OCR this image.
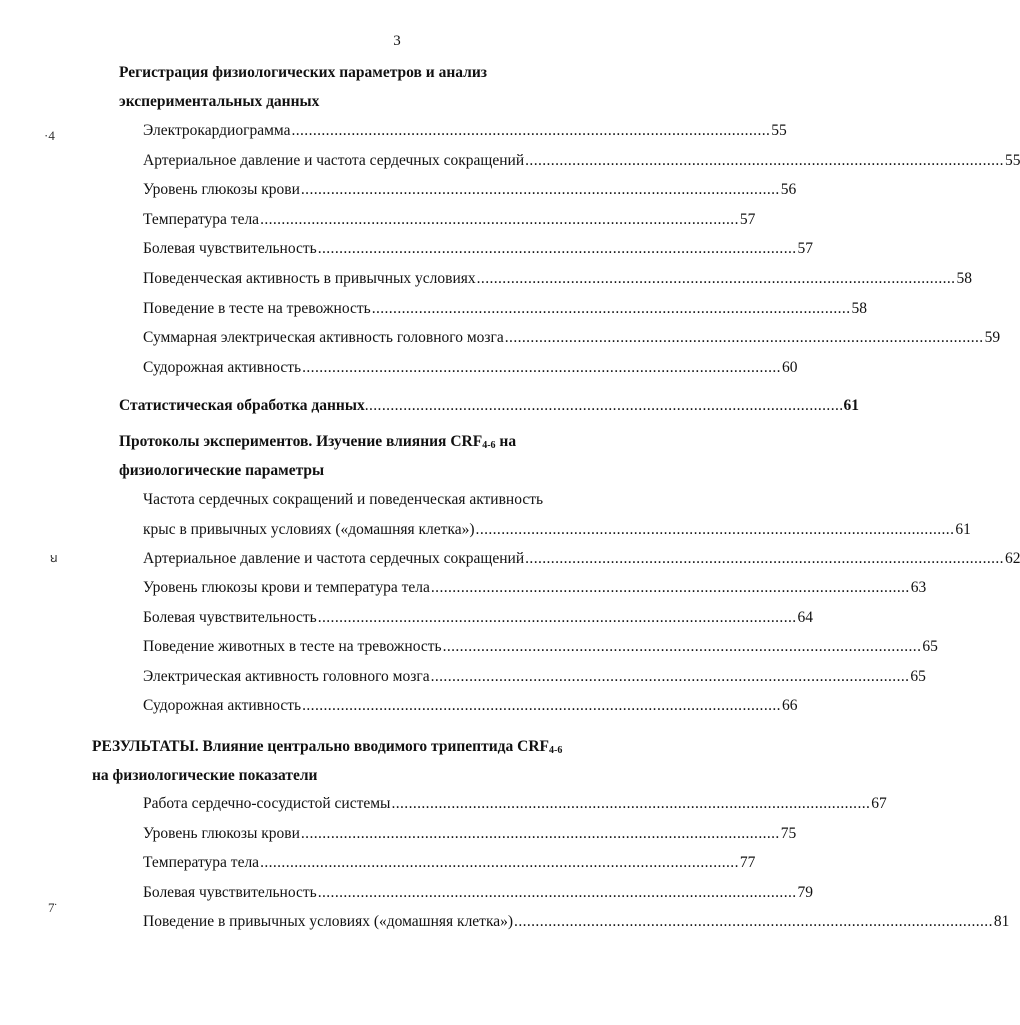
3
·4
ꞟ
7̈
Регистрация физиологических параметров и анализ
экспериментальных данных
Электрокардиограмма ................................................................................................................ 55
Артериальное давление и частота сердечных сокращений ................................................................................................................ 55
Уровень глюкозы крови ................................................................................................................ 56
Температура тела ................................................................................................................ 57
Болевая чувствительность ................................................................................................................ 57
Поведенческая активность в привычных условиях ................................................................................................................ 58
Поведение в тесте на тревожность ................................................................................................................ 58
Суммарная электрическая активность головного мозга ................................................................................................................ 59
Судорожная активность ................................................................................................................ 60
Статистическая обработка данных ................................................................................................................ 61
Протоколы экспериментов. Изучение влияния $CRF_{4-6}$ на
физиологические параметры
Частота сердечных сокращений и поведенческая активность
крыс в привычных условиях («домашняя клетка») ................................................................................................................ 61
Артериальное давление и частота сердечных сокращений ................................................................................................................ 62
Уровень глюкозы крови и температура тела ................................................................................................................ 63
Болевая чувствительность ................................................................................................................ 64
Поведение животных в тесте на тревожность ................................................................................................................ 65
Электрическая активность головного мозга ................................................................................................................ 65
Судорожная активность ................................................................................................................ 66
РЕЗУЛЬТАТЫ. Влияние центрально вводимого трипептида $CRF_{4-6}$
на физиологические показатели
Работа сердечно-сосудистой системы ................................................................................................................ 67
Уровень глюкозы крови ................................................................................................................ 75
Температура тела ................................................................................................................ 77
Болевая чувствительность ................................................................................................................ 79
Поведение в привычных условиях («домашняя клетка») ................................................................................................................ 81
